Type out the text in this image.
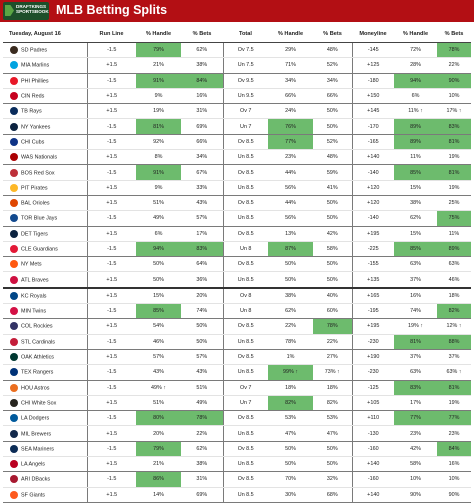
DRAFTKINGS
SPORTSBOOK MLB Betting Splits
Tuesday, August 16	Run Line	% Handle	% Bets	Total	% Handle	% Bets	Moneyline	% Handle	% Bets
SD Padres	-1.5	79%	62%	Ov 7.5	29%	48%	-145	72%	78%
MIA Marlins	+1.5	21%	38%	Un 7.5	71%	52%	+125	28%	22%
PHI Phillies	-1.5	91%	84%	Ov 9.5	34%	34%	-180	94%	90%
CIN Reds	+1.5	9%	16%	Un 9.5	66%	66%	+150	6%	10%
TB Rays	+1.5	19%	31%	Ov 7	24%	50%	+145	11% ↑	17% ↑
NY Yankees	-1.5	81%	69%	Un 7	76%	50%	-170	89%	83%
CHI Cubs	-1.5	92%	66%	Ov 8.5	77%	52%	-165	89%	81%
WAS Nationals	+1.5	8%	34%	Un 8.5	23%	48%	+140	11%	19%
BOS Red Sox	-1.5	91%	67%	Ov 8.5	44%	59%	-140	85%	81%
PIT Pirates	+1.5	9%	33%	Un 8.5	56%	41%	+120	15%	19%
BAL Orioles	+1.5	51%	43%	Ov 8.5	44%	50%	+120	38%	25%
TOR Blue Jays	-1.5	49%	57%	Un 8.5	56%	50%	-140	62%	75%
DET Tigers	+1.5	6%	17%	Ov 8.5	13%	42%	+195	15%	11%
CLE Guardians	-1.5	94%	83%	Un 8	87%	58%	-225	85%	89%
NY Mets	-1.5	50%	64%	Ov 8.5	50%	50%	-155	63%	63%
ATL Braves	+1.5	50%	36%	Un 8.5	50%	50%	+135	37%	46%
KC Royals	+1.5	15%	20%	Ov 8	38%	40%	+165	16%	18%
MIN Twins	-1.5	85%	74%	Un 8	62%	60%	-195	74%	82%
COL Rockies	+1.5	54%	50%	Ov 8.5	22%	78%	+195	19% ↑	12% ↑
STL Cardinals	-1.5	46%	50%	Un 8.5	78%	22%	-230	81%	88%
OAK Athletics	+1.5	57%	57%	Ov 8.5	1%	27%	+190	37%	37%
TEX Rangers	-1.5	43%	43%	Un 8.5	99% ↑	73% ↑	-230	63%	63% ↑
HOU Astros	-1.5	49% ↑	51%	Ov 7	18%	18%	-125	83%	81%
CHI White Sox	+1.5	51%	49%	Un 7	82%	82%	+105	17%	19%
LA Dodgers	-1.5	80%	78%	Ov 8.5	53%	53%	+110	77%	77%
MIL Brewers	+1.5	20%	22%	Un 8.5	47%	47%	-130	23%	23%
SEA Mariners	-1.5	79%	62%	Ov 8.5	50%	50%	-160	42%	84%
LA Angels	+1.5	21%	38%	Un 8.5	50%	50%	+140	58%	16%
ARI DBacks	-1.5	86%	31%	Ov 8.5	70%	32%	-160	10%	10%
SF Giants	+1.5	14%	69%	Un 8.5	30%	68%	+140	90%	90%
